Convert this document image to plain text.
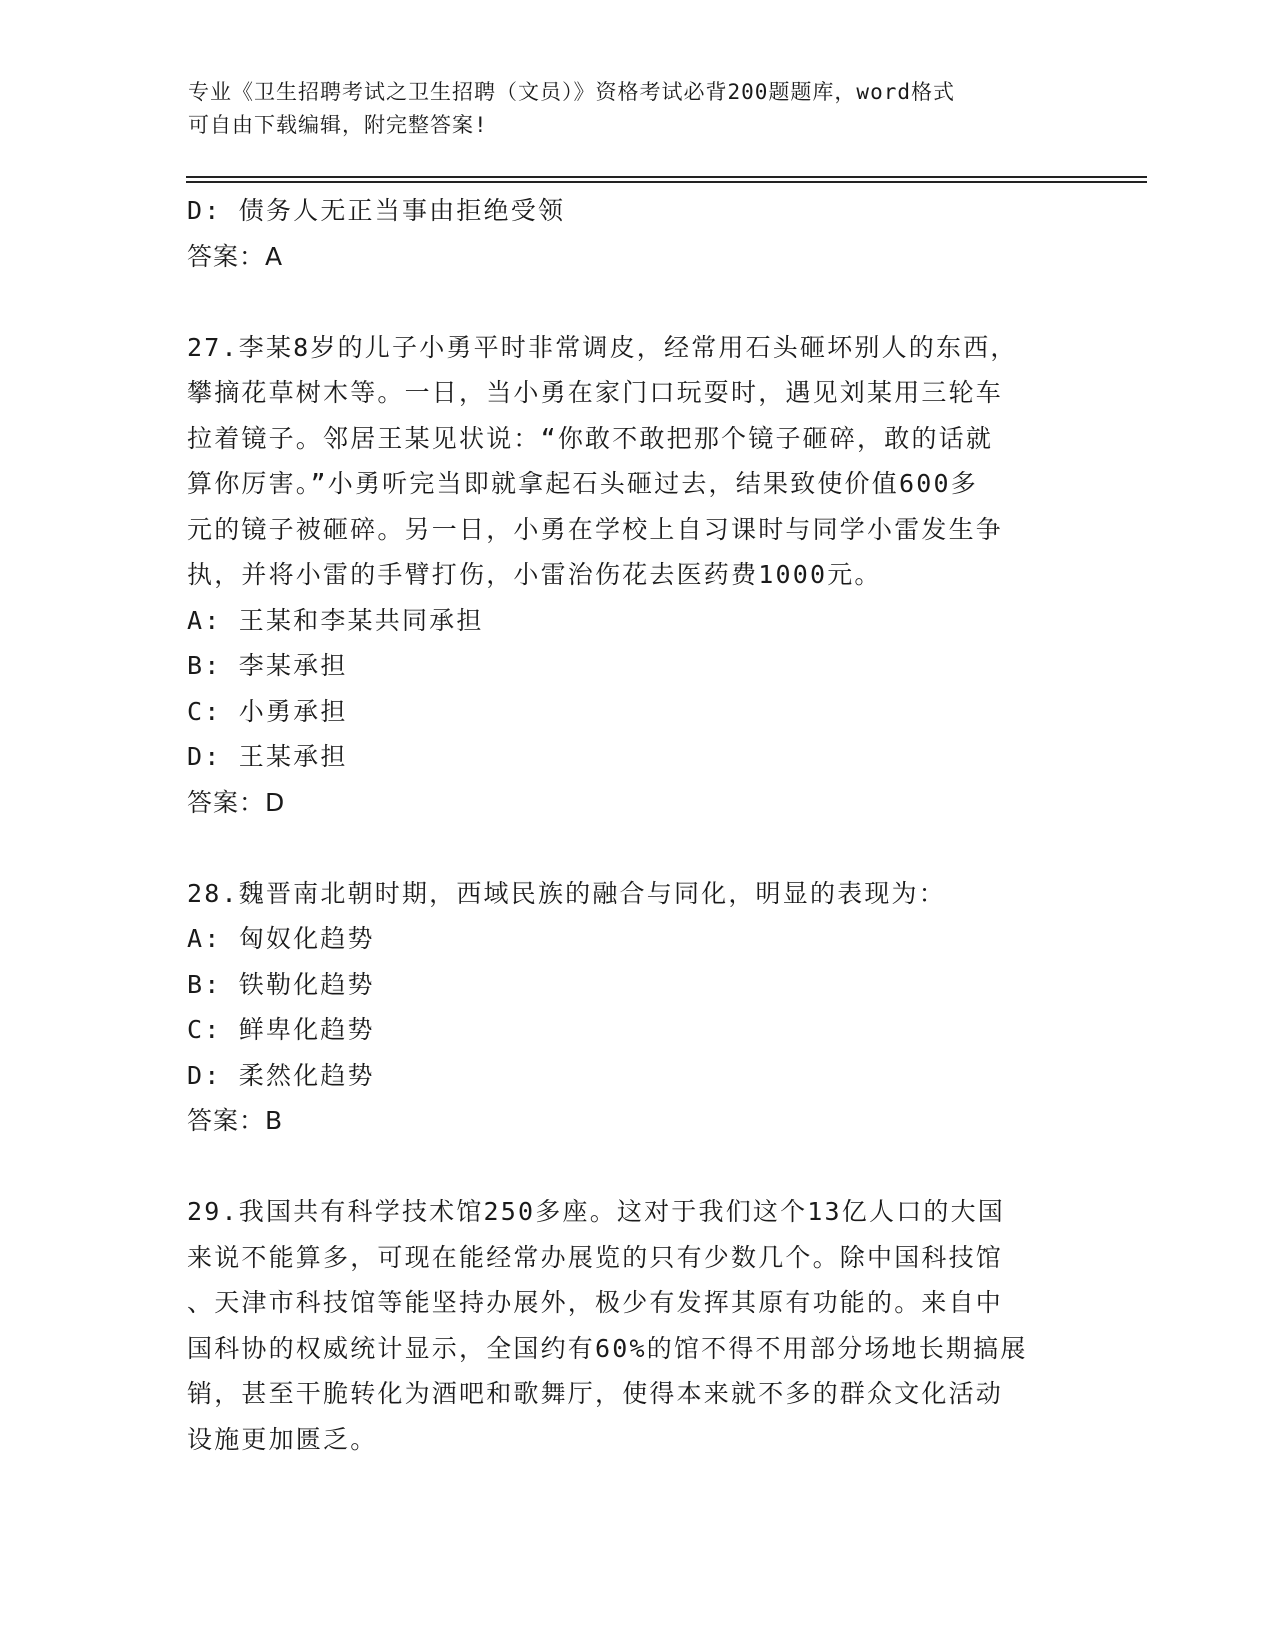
专业《卫生招聘考试之卫生招聘（文员）》资格考试必背200题题库，word格式
可自由下载编辑，附完整答案!
D: 债务人无正当事由拒绝受领
答案：A
27.李某8岁的儿子小勇平时非常调皮，经常用石头砸坏别人的东西，
攀摘花草树木等。一日，当小勇在家门口玩耍时，遇见刘某用三轮车
拉着镜子。邻居王某见状说：“你敢不敢把那个镜子砸碎，敢的话就
算你厉害。”小勇听完当即就拿起石头砸过去，结果致使价值600多
元的镜子被砸碎。另一日，小勇在学校上自习课时与同学小雷发生争
执，并将小雷的手臂打伤，小雷治伤花去医药费1000元。
A: 王某和李某共同承担
B: 李某承担
C: 小勇承担
D: 王某承担
答案：D
28.魏晋南北朝时期，西域民族的融合与同化，明显的表现为：
A: 匈奴化趋势
B: 铁勒化趋势
C: 鲜卑化趋势
D: 柔然化趋势
答案：B
29.我国共有科学技术馆250多座。这对于我们这个13亿人口的大国
来说不能算多，可现在能经常办展览的只有少数几个。除中国科技馆
、天津市科技馆等能坚持办展外，极少有发挥其原有功能的。来自中
国科协的权威统计显示，全国约有60%的馆不得不用部分场地长期搞展
销，甚至干脆转化为酒吧和歌舞厅，使得本来就不多的群众文化活动
设施更加匮乏。
